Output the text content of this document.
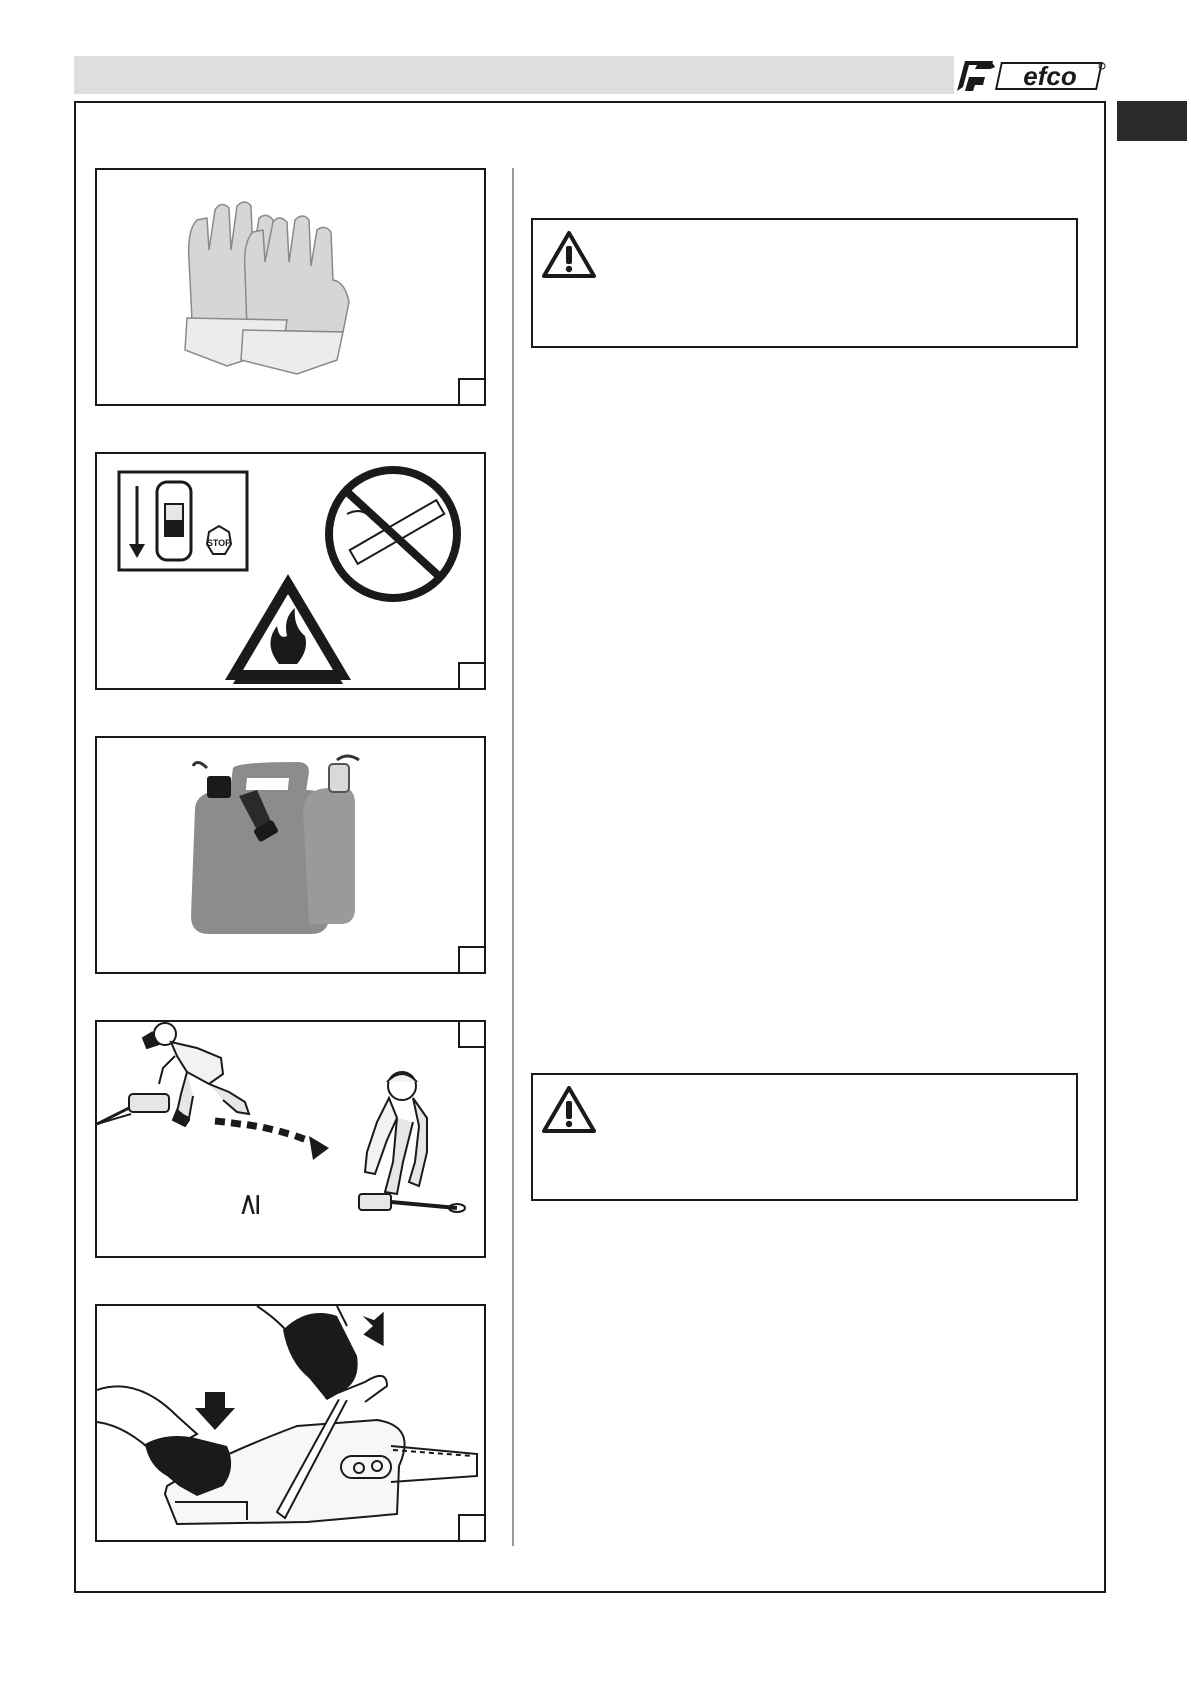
efco
STOP
≥
